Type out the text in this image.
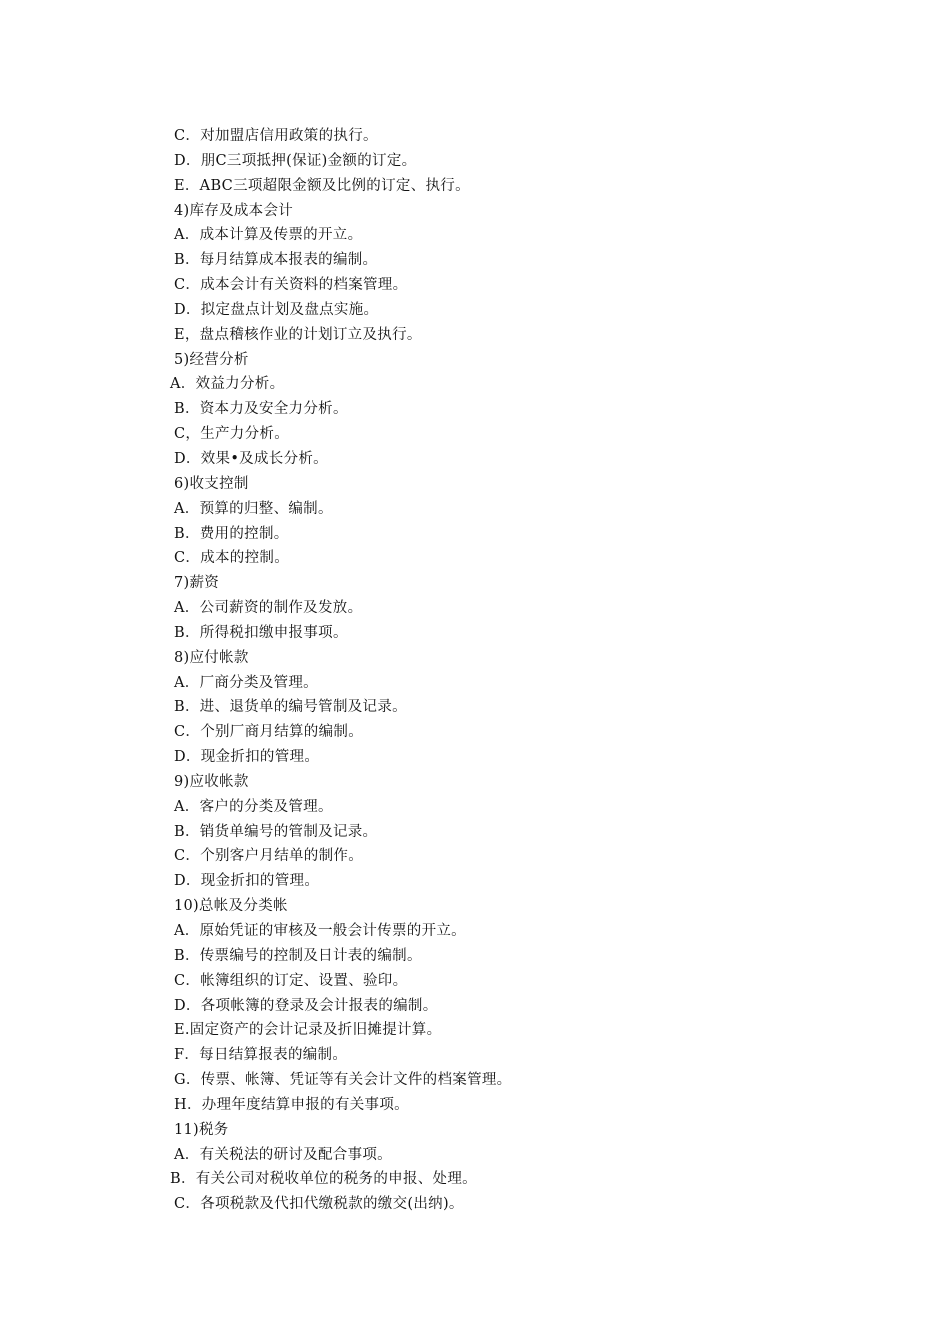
C．对加盟店信用政策的执行。
D．朋C三项抵押(保证)金额的订定。
E．ABC三项超限金额及比例的订定、执行。
4)库存及成本会计
A．成本计算及传票的开立。
B．每月结算成本报表的编制。
C．成本会计有关资料的档案管理。
D．拟定盘点计划及盘点实施。
E，盘点稽核作业的计划订立及执行。
5)经营分析
A．效益力分析。
B．资本力及安全力分析。
C，生产力分析。
D．效果•及成长分析。
6)收支控制
A．预算的归整、编制。
B．费用的控制。
C．成本的控制。
7)薪资
A．公司薪资的制作及发放。
B．所得税扣缴申报事项。
8)应付帐款
A．厂商分类及管理。
B．进、退货单的编号管制及记录。
C．个别厂商月结算的编制。
D．现金折扣的管理。
9)应收帐款
A．客户的分类及管理。
B．销货单编号的管制及记录。
C．个别客户月结单的制作。
D．现金折扣的管理。
10)总帐及分类帐
A．原始凭证的审核及一般会计传票的开立。
B．传票编号的控制及日计表的编制。
C．帐簿组织的订定、设置、验印。
D．各项帐簿的登录及会计报表的编制。
E.固定资产的会计记录及折旧摊提计算。
F．每日结算报表的编制。
G．传票、帐簿、凭证等有关会计文件的档案管理。
H．办理年度结算申报的有关事项。
11)税务
A．有关税法的研讨及配合事项。
B．有关公司对税收单位的税务的申报、处理。
C．各项税款及代扣代缴税款的缴交(出纳)。
